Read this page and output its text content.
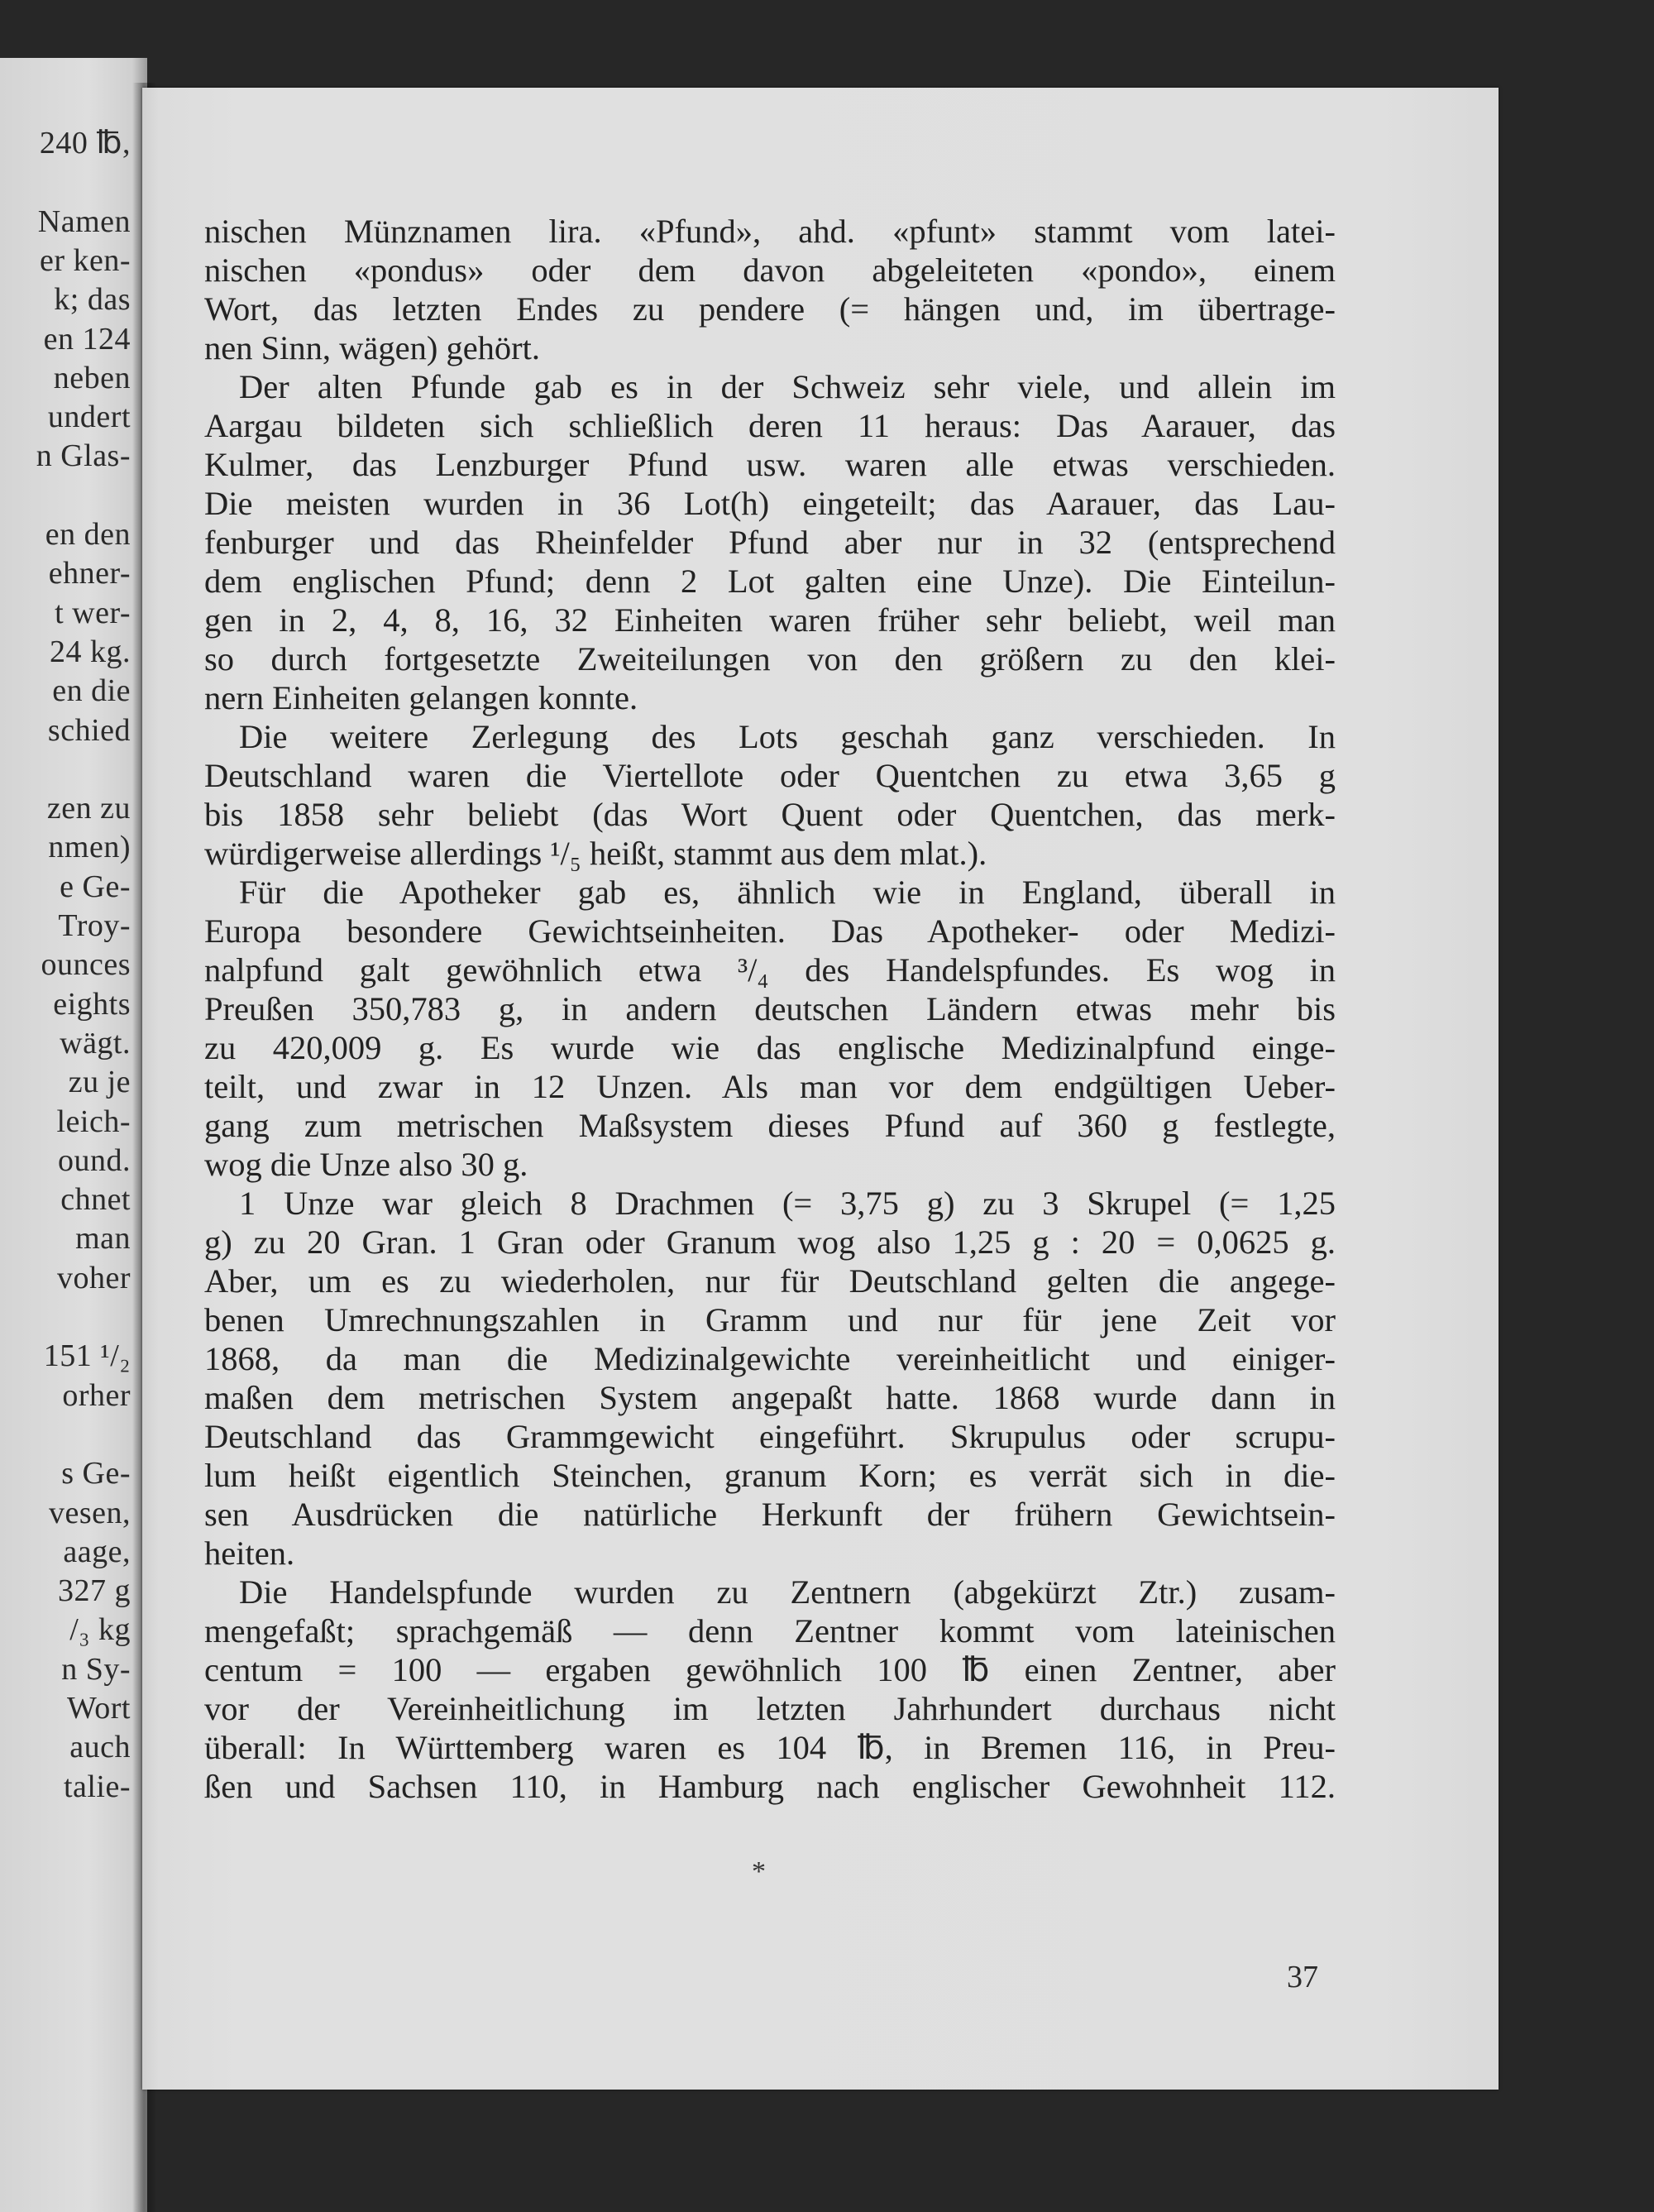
240 ℔,
Namen
er ken-
k; das
en 124
neben
undert
n Glas-
en den
ehner-
t wer-
24 kg.
en die
schied
zen zu
nmen)
e Ge-
Troy-
ounces
eights
wägt.
zu je
leich-
ound.
chnet
man
voher
151 ¹/₂
orher
s Ge-
vesen,
aage,
327 g
/₃ kg
n Sy-
Wort
auch
talie-
nischen Münznamen lira. «Pfund», ahd. «pfunt» stammt vom latei-
nischen «pondus» oder dem davon abgeleiteten «pondo», einem
Wort, das letzten Endes zu pendere (= hängen und, im übertrage-
nen Sinn, wägen) gehört.
Der alten Pfunde gab es in der Schweiz sehr viele, und allein im
Aargau bildeten sich schließlich deren 11 heraus: Das Aarauer, das
Kulmer, das Lenzburger Pfund usw. waren alle etwas verschieden.
Die meisten wurden in 36 Lot(h) eingeteilt; das Aarauer, das Lau-
fenburger und das Rheinfelder Pfund aber nur in 32 (entsprechend
dem englischen Pfund; denn 2 Lot galten eine Unze). Die Einteilun-
gen in 2, 4, 8, 16, 32 Einheiten waren früher sehr beliebt, weil man
so durch fortgesetzte Zweiteilungen von den größern zu den klei-
nern Einheiten gelangen konnte.
Die weitere Zerlegung des Lots geschah ganz verschieden. In
Deutschland waren die Viertellote oder Quentchen zu etwa 3,65 g
bis 1858 sehr beliebt (das Wort Quent oder Quentchen, das merk-
würdigerweise allerdings ¹/₅ heißt, stammt aus dem mlat.).
Für die Apotheker gab es, ähnlich wie in England, überall in
Europa besondere Gewichtseinheiten. Das Apotheker- oder Medizi-
nalpfund galt gewöhnlich etwa ³/₄ des Handelspfundes. Es wog in
Preußen 350,783 g, in andern deutschen Ländern etwas mehr bis
zu 420,009 g. Es wurde wie das englische Medizinalpfund einge-
teilt, und zwar in 12 Unzen. Als man vor dem endgültigen Ueber-
gang zum metrischen Maßsystem dieses Pfund auf 360 g festlegte,
wog die Unze also 30 g.
1 Unze war gleich 8 Drachmen (= 3,75 g) zu 3 Skrupel (= 1,25
g) zu 20 Gran. 1 Gran oder Granum wog also 1,25 g : 20 = 0,0625 g.
Aber, um es zu wiederholen, nur für Deutschland gelten die angege-
benen Umrechnungszahlen in Gramm und nur für jene Zeit vor
1868, da man die Medizinalgewichte vereinheitlicht und einiger-
maßen dem metrischen System angepaßt hatte. 1868 wurde dann in
Deutschland das Grammgewicht eingeführt. Skrupulus oder scrupu-
lum heißt eigentlich Steinchen, granum Korn; es verrät sich in die-
sen Ausdrücken die natürliche Herkunft der frühern Gewichtsein-
heiten.
Die Handelspfunde wurden zu Zentnern (abgekürzt Ztr.) zusam-
mengefaßt; sprachgemäß — denn Zentner kommt vom lateinischen
centum = 100 — ergaben gewöhnlich 100 ℔ einen Zentner, aber
vor der Vereinheitlichung im letzten Jahrhundert durchaus nicht
überall: In Württemberg waren es 104 ℔, in Bremen 116, in Preu-
ßen und Sachsen 110, in Hamburg nach englischer Gewohnheit 112.
*
37
